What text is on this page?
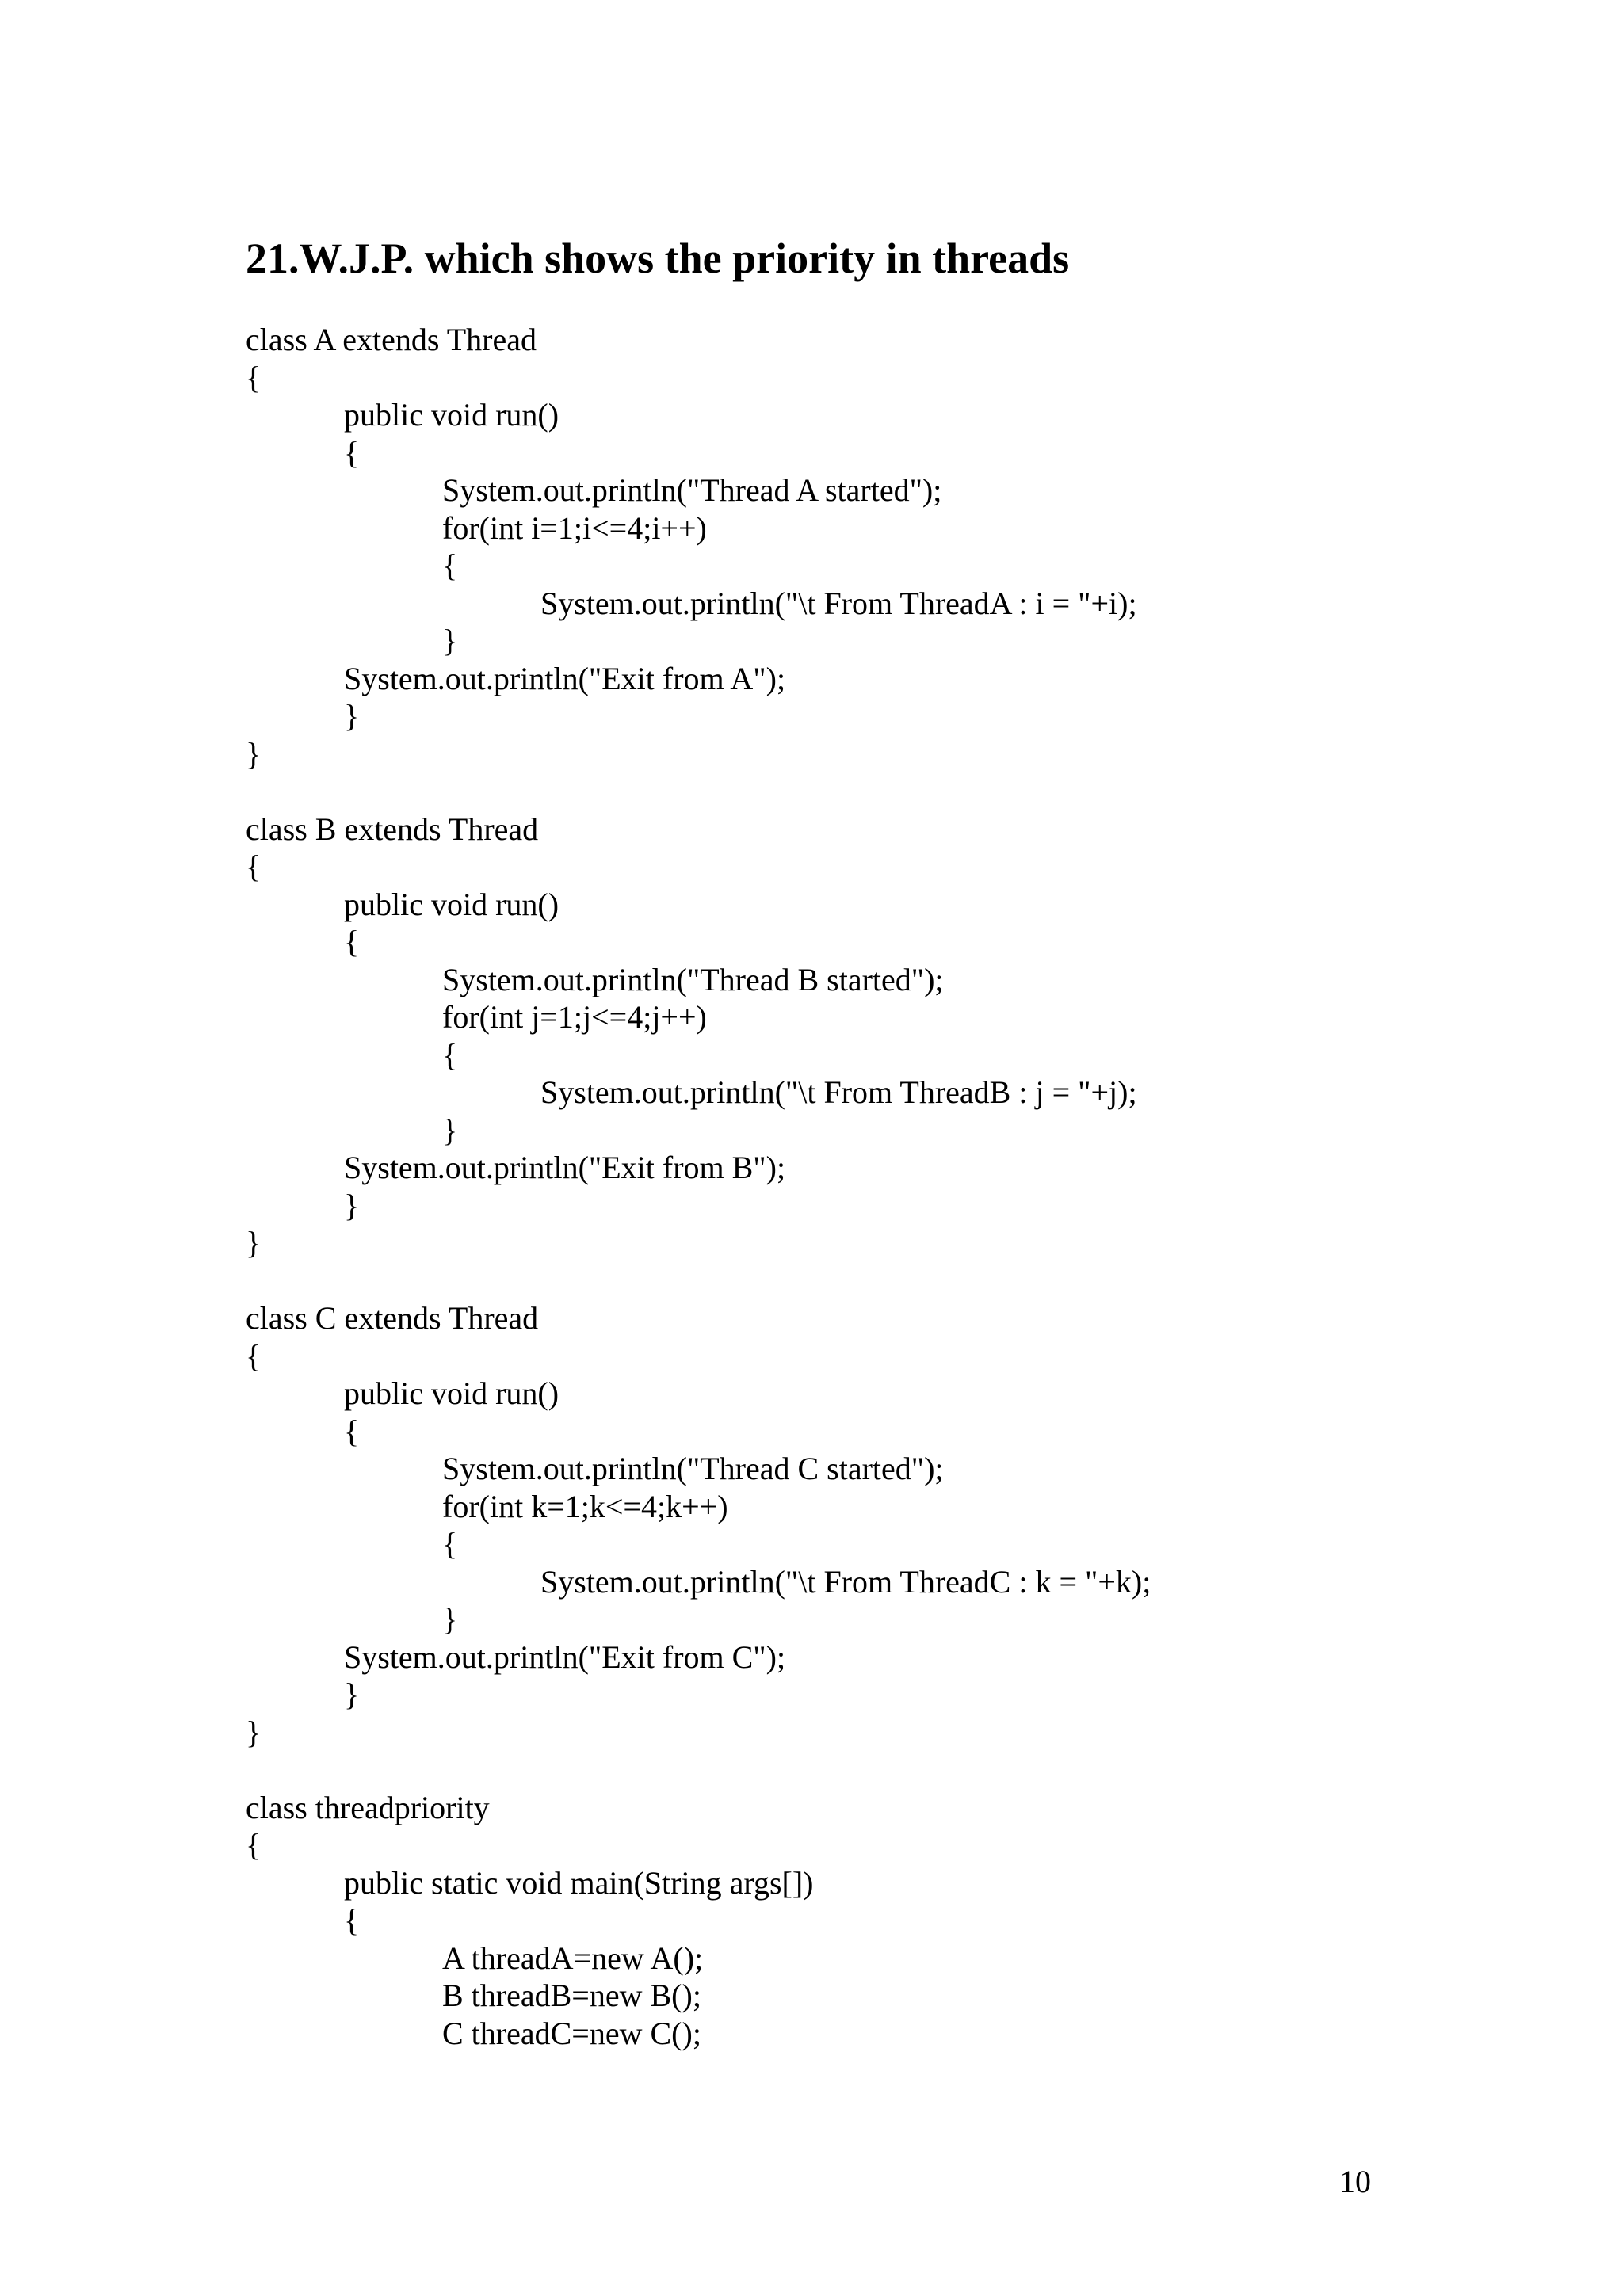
21.W.J.P. which shows the priority in threads
class A extends Thread
{
public void run()
{
System.out.println("Thread A started");
for(int i=1;i<=4;i++)
{
System.out.println("\t From ThreadA : i = "+i);
}
System.out.println("Exit from A");
}
}
class B extends Thread
{
public void run()
{
System.out.println("Thread B started");
for(int j=1;j<=4;j++)
{
System.out.println("\t From ThreadB : j = "+j);
}
System.out.println("Exit from B");
}
}
class C extends Thread
{
public void run()
{
System.out.println("Thread C started");
for(int k=1;k<=4;k++)
{
System.out.println("\t From ThreadC : k = "+k);
}
System.out.println("Exit from C");
}
}
class threadpriority
{
public static void main(String args[])
{
A threadA=new A();
B threadB=new B();
C threadC=new C();
10
